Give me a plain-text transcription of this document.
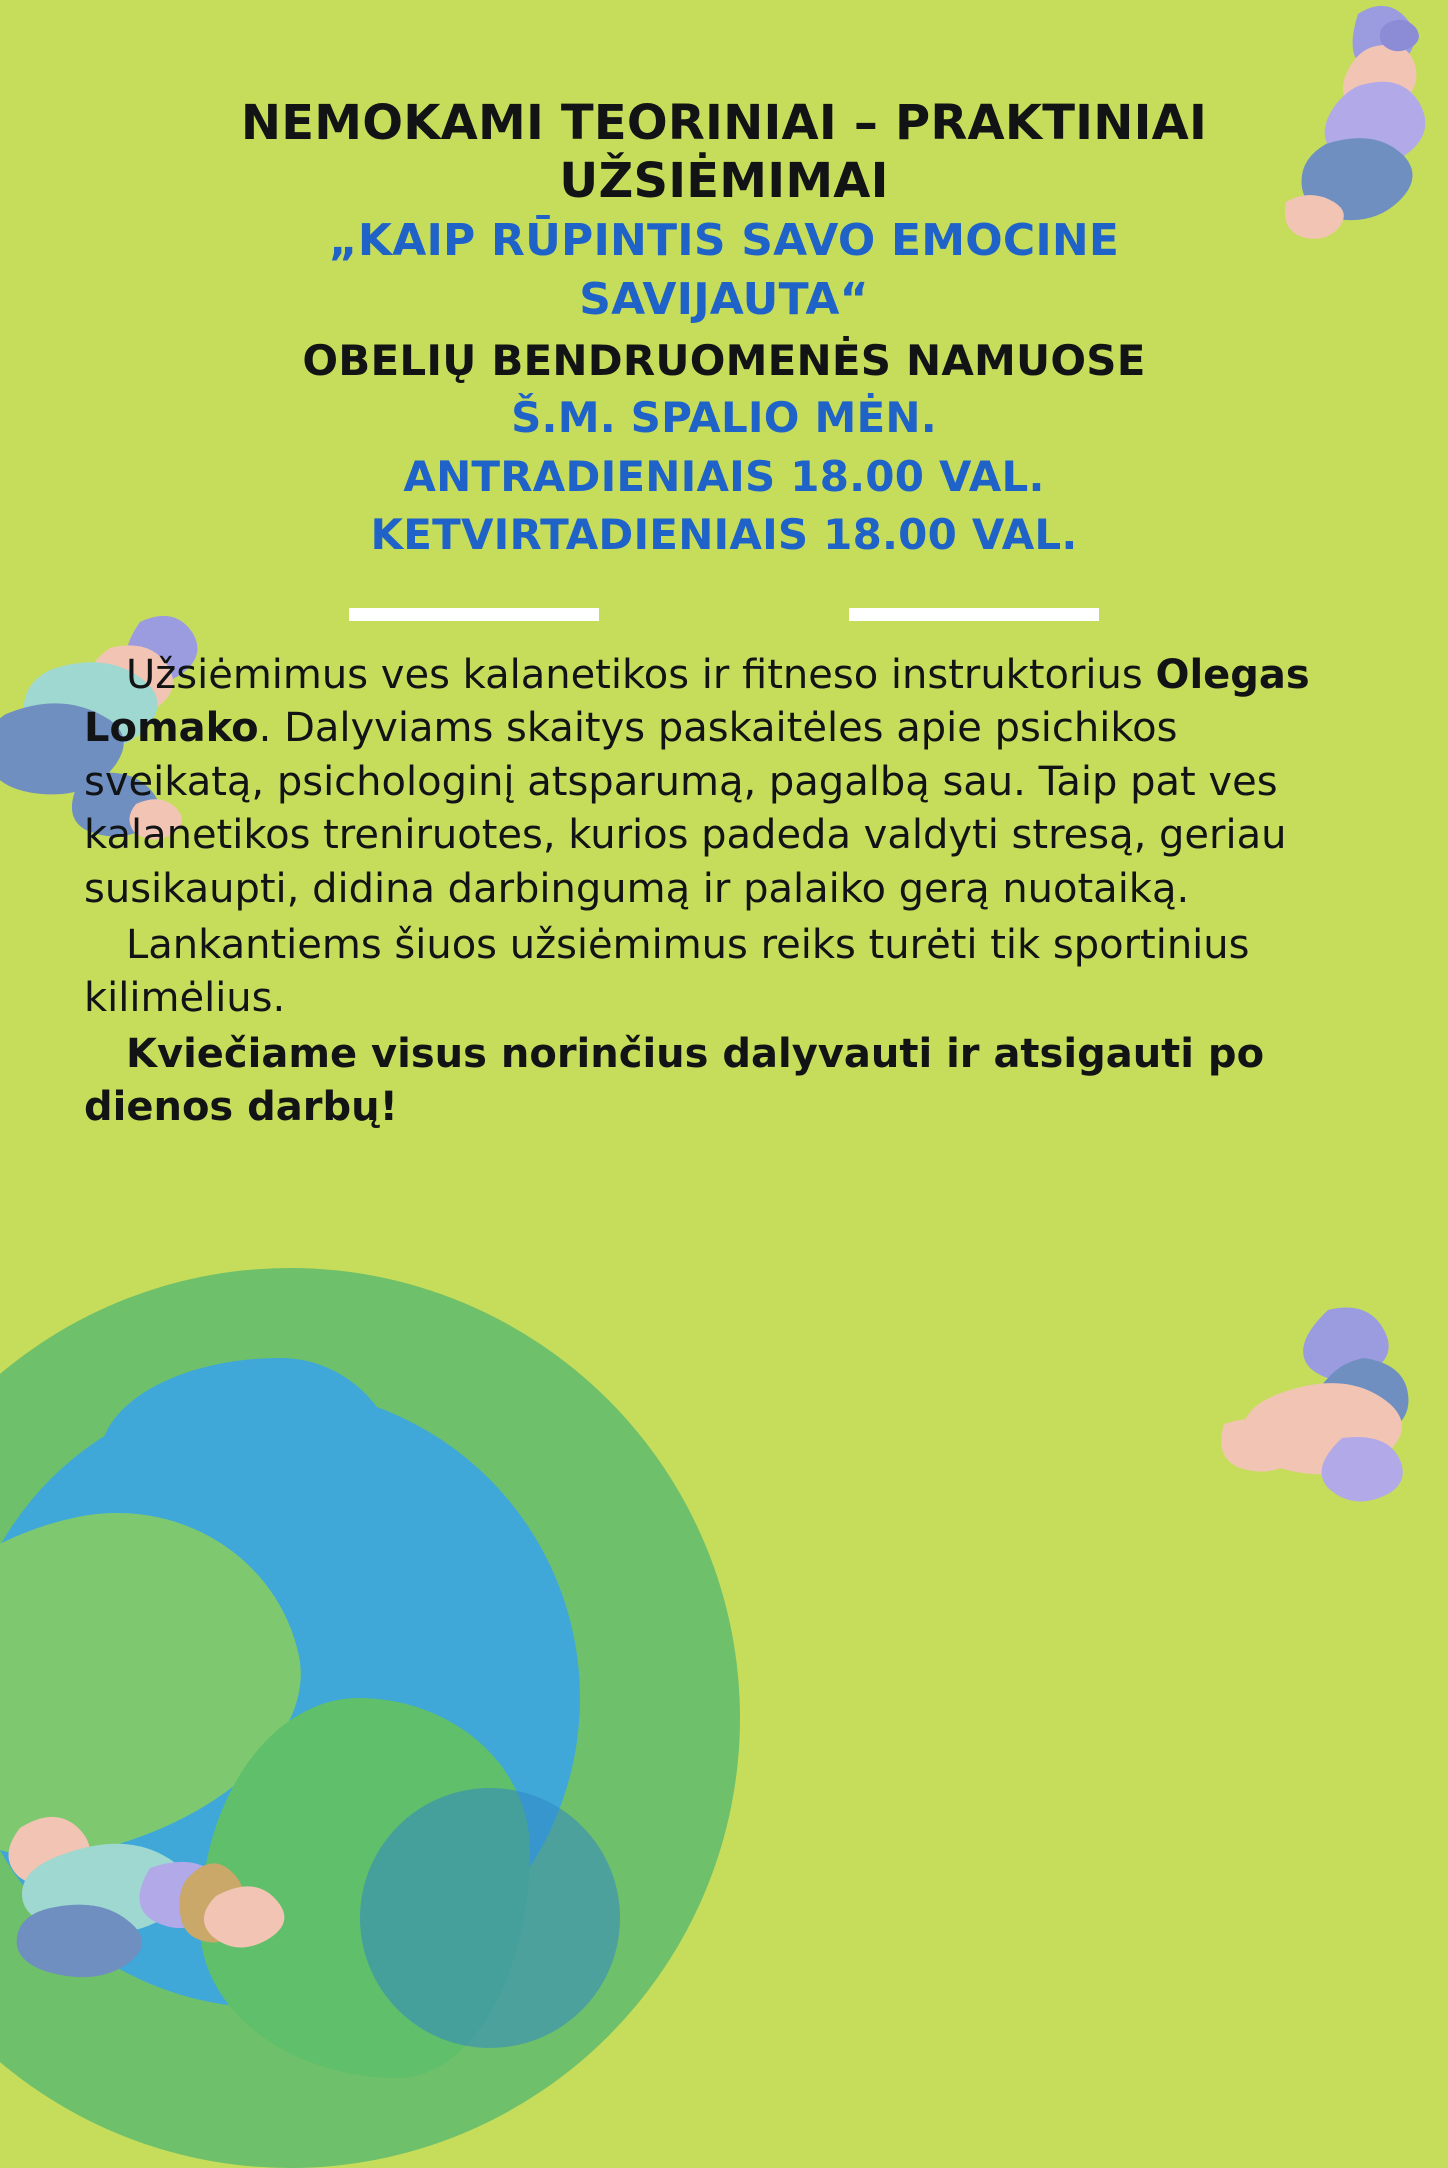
NEMOKAMI TEORINIAI – PRAKTINIAI
UŽSIĖMIMAI
„KAIP RŪPINTIS SAVO EMOCINE
SAVIJAUTA“
OBELIŲ BENDRUOMENĖS NAMUOSE
Š.M. SPALIO MĖN.
ANTRADIENIAIS 18.00 VAL.
KETVIRTADIENIAIS 18.00 VAL.

Užsiėmimus ves kalanetikos ir fitneso instruktorius Olegas Lomako. Dalyviams skaitys paskaitėles apie psichikos sveikatą, psichologinį atsparumą, pagalbą sau. Taip pat ves kalanetikos treniruotes, kurios padeda valdyti stresą, geriau susikaupti, didina darbingumą ir palaiko gerą nuotaiką.

Lankantiems šiuos užsiėmimus reiks turėti tik sportinius kilimėlius.

Kviečiame visus norinčius dalyvauti ir atsigauti po dienos darbų!
